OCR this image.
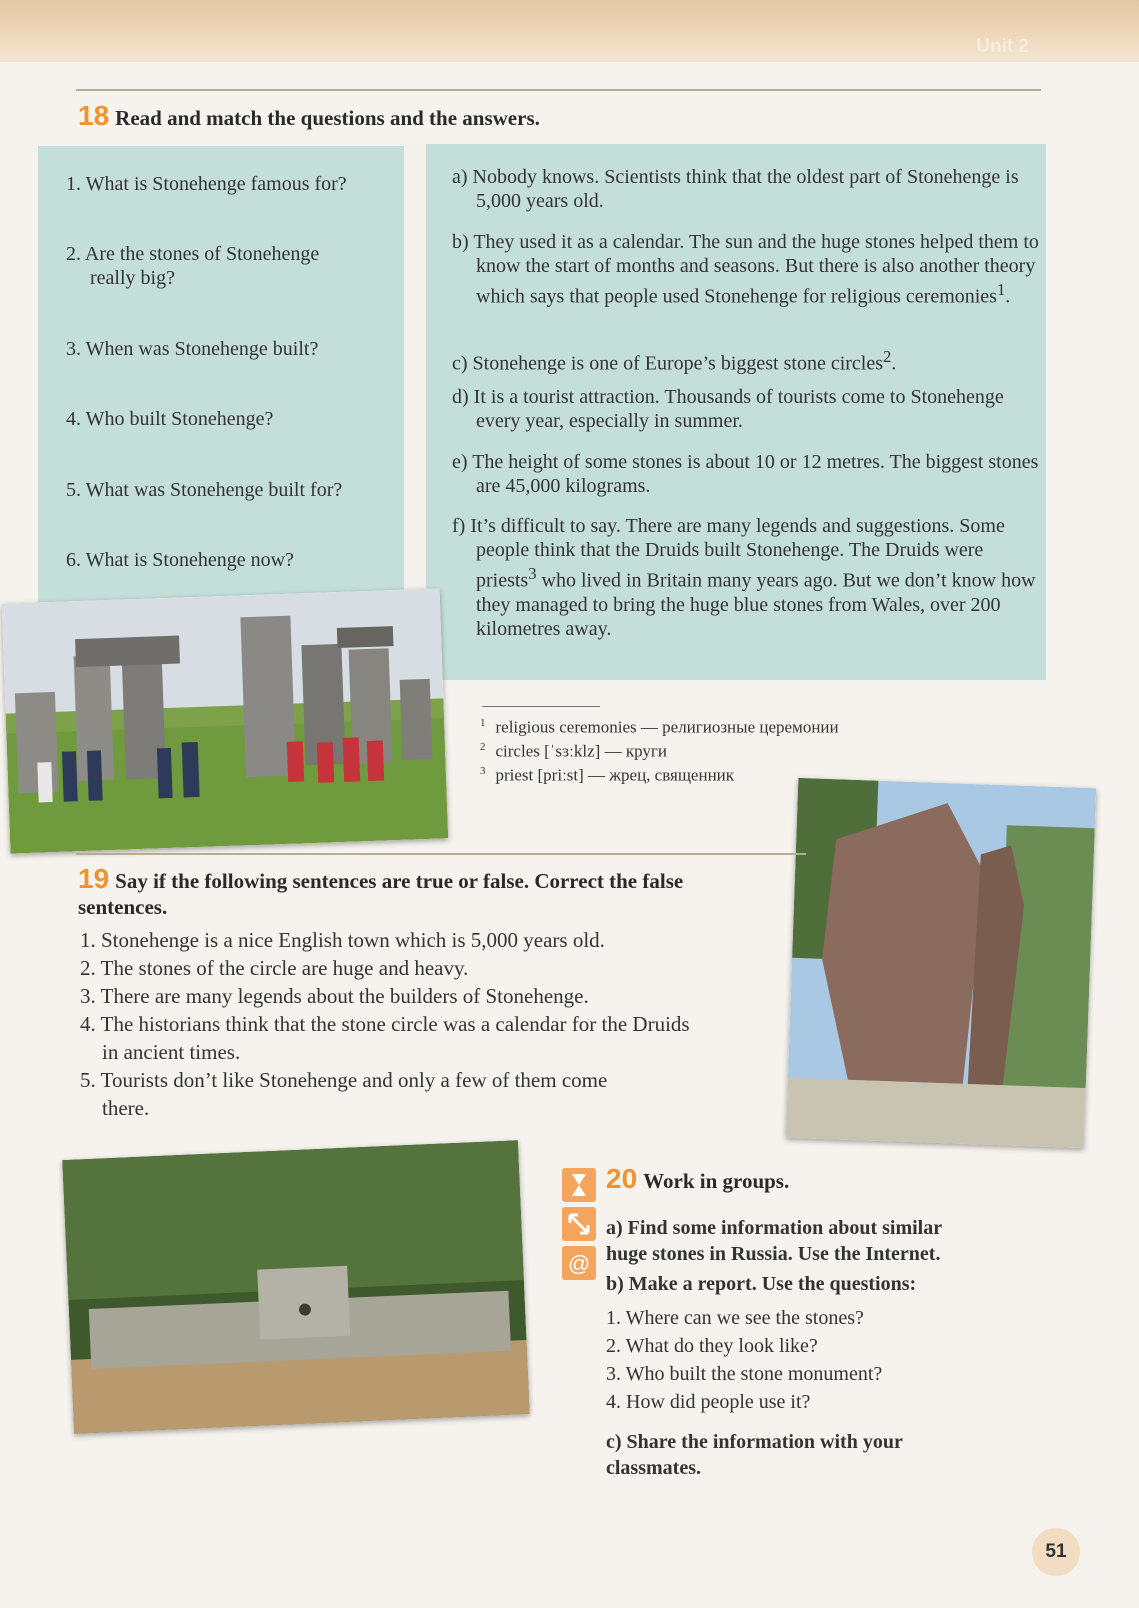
Unit 2
18 Read and match the questions and the answers.
1. What is Stonehenge famous for?
2. Are the stones of Stonehenge really big?
3. When was Stonehenge built?
4. Who built Stonehenge?
5. What was Stonehenge built for?
6. What is Stonehenge now?
a) Nobody knows. Scientists think that the oldest part of Stonehenge is 5,000 years old.
b) They used it as a calendar. The sun and the huge stones helped them to know the start of months and seasons. But there is also another theory which says that people used Stonehenge for religious ceremonies$^1$.
c) Stonehenge is one of Europe’s biggest stone circles$^2$.
d) It is a tourist attraction. Thousands of tourists come to Stonehenge every year, especially in summer.
e) The height of some stones is about 10 or 12 metres. The biggest stones are 45,000 kilograms.
f) It’s difficult to say. There are many legends and suggestions. Some people think that the Druids built Stonehenge. The Druids were priests$^3$ who lived in Britain many years ago. But we don’t know how they managed to bring the huge blue stones from Wales, over 200 kilometres away.
$^1$ religious ceremonies — религиозные церемонии
$^2$ circles [ˈsɜːklz] — круги
$^3$ priest [priːst] — жрец, священник
19 Say if the following sentences are true or false. Correct the false
sentences.
1. Stonehenge is a nice English town which is 5,000 years old.
2. The stones of the circle are huge and heavy.
3. There are many legends about the builders of Stonehenge.
4. The historians think that the stone circle was a calendar for the Druids in ancient times.
5. Tourists don’t like Stonehenge and only a few of them come there.
@
20 Work in groups.
a) Find some information about similar
huge stones in Russia. Use the Internet.
b) Make a report. Use the questions:
1. Where can we see the stones?
2. What do they look like?
3. Who built the stone monument?
4. How did people use it?
c) Share the information with your
classmates.
51
